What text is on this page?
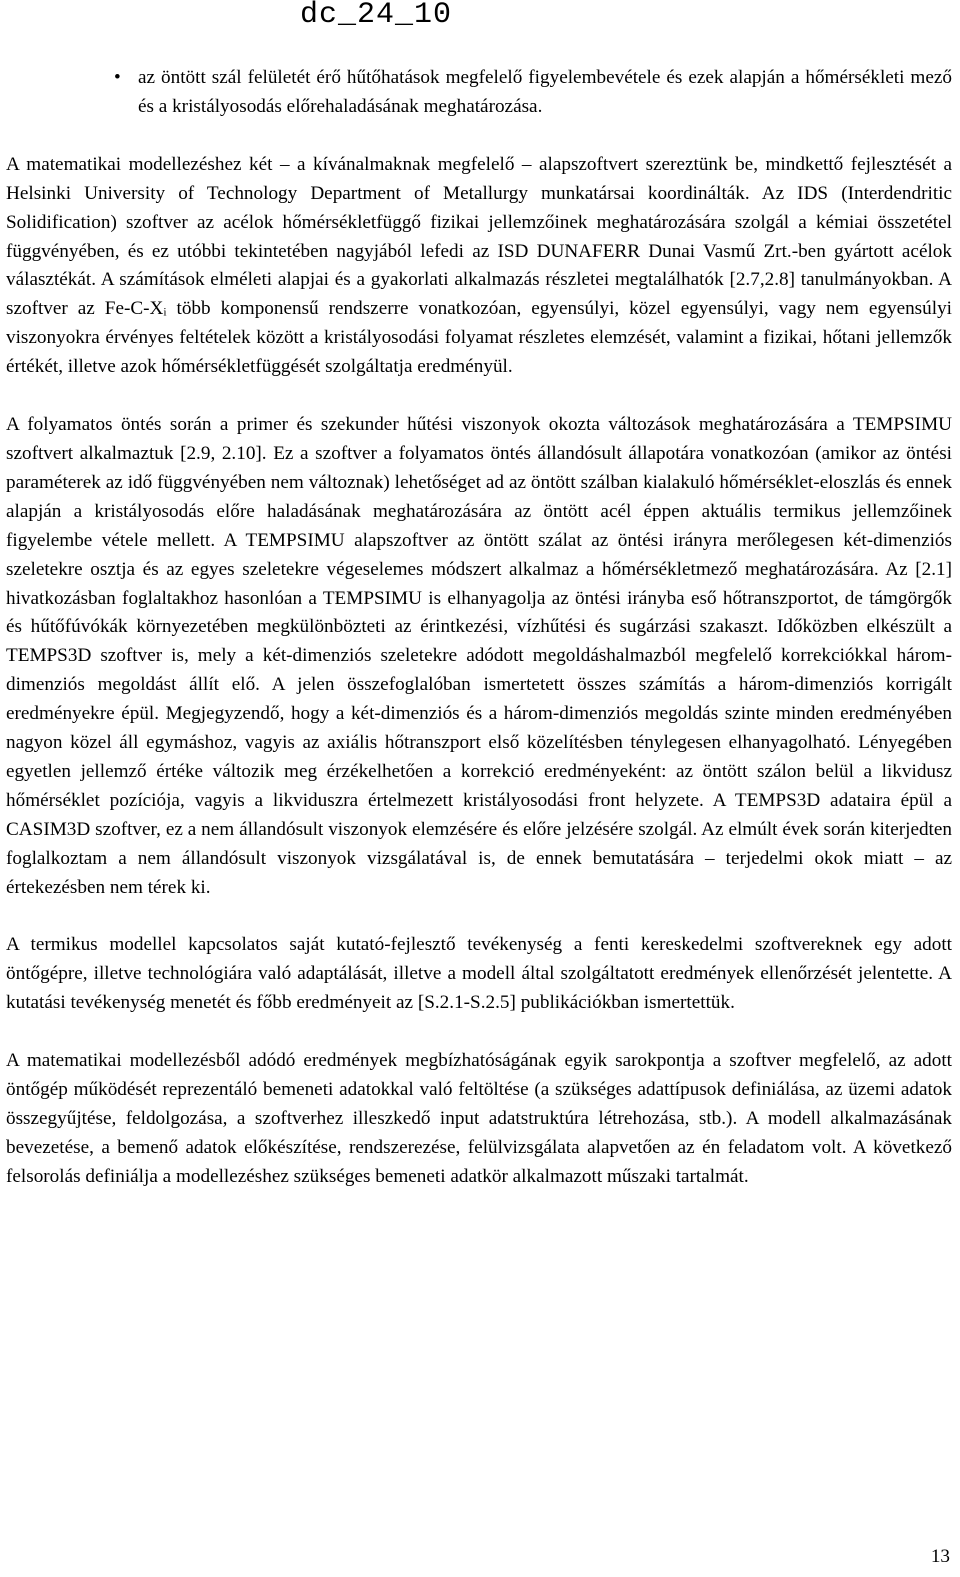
dc_24_10
• az öntött szál felületét érő hűtőhatások megfelelő figyelembevétele és ezek alapján a hőmérsékleti mező és a kristályosodás előrehaladásának meghatározása.

A matematikai modellezéshez két – a kívánalmaknak megfelelő – alapszoftvert szereztünk be, mindkettő fejlesztését a Helsinki University of Technology Department of Metallurgy munkatársai koordinálták. Az IDS (Interdendritic Solidification) szoftver az acélok hőmérsékletfüggő fizikai jellemzőinek meghatározására szolgál a kémiai összetétel függvényében, és ez utóbbi tekintetében nagyjából lefedi az ISD DUNAFERR Dunai Vasmű Zrt.-ben gyártott acélok választékát. A számítások elméleti alapjai és a gyakorlati alkalmazás részletei megtalálhatók [2.7,2.8] tanulmányokban. A szoftver az Fe-C-Xᵢ több komponensű rendszerre vonatkozóan, egyensúlyi, közel egyensúlyi, vagy nem egyensúlyi viszonyokra érvényes feltételek között a kristályosodási folyamat részletes elemzését, valamint a fizikai, hőtani jellemzők értékét, illetve azok hőmérsékletfüggését szolgáltatja eredményül.

A folyamatos öntés során a primer és szekunder hűtési viszonyok okozta változások meghatározására a TEMPSIMU szoftvert alkalmaztuk [2.9, 2.10]. Ez a szoftver a folyamatos öntés állandósult állapotára vonatkozóan (amikor az öntési paraméterek az idő függvényében nem változnak) lehetőséget ad az öntött szálban kialakuló hőmérséklet-eloszlás és ennek alapján a kristályosodás előre haladásának meghatározására az öntött acél éppen aktuális termikus jellemzőinek figyelembe vétele mellett. A TEMPSIMU alapszoftver az öntött szálat az öntési irányra merőlegesen két-dimenziós szeletekre osztja és az egyes szeletekre végeselemes módszert alkalmaz a hőmérsékletmező meghatározására. Az [2.1] hivatkozásban foglaltakhoz hasonlóan a TEMPSIMU is elhanyagolja az öntési irányba eső hőtranszportot, de támgörgők és hűtőfúvókák környezetében megkülönbözteti az érintkezési, vízhűtési és sugárzási szakaszt. Időközben elkészült a TEMPS3D szoftver is, mely a két-dimenziós szeletekre adódott megoldáshalmazból megfelelő korrekciókkal három-dimenziós megoldást állít elő. A jelen összefoglalóban ismertetett összes számítás a három-dimenziós korrigált eredményekre épül. Megjegyzendő, hogy a két-dimenziós és a három-dimenziós megoldás szinte minden eredményében nagyon közel áll egymáshoz, vagyis az axiális hőtranszport első közelítésben ténylegesen elhanyagolható. Lényegében egyetlen jellemző értéke változik meg érzékelhetően a korrekció eredményeként: az öntött szálon belül a likvidusz hőmérséklet pozíciója, vagyis a likviduszra értelmezett kristályosodási front helyzete. A TEMPS3D adataira épül a CASIM3D szoftver, ez a nem állandósult viszonyok elemzésére és előre jelzésére szolgál. Az elmúlt évek során kiterjedten foglalkoztam a nem állandósult viszonyok vizsgálatával is, de ennek bemutatására – terjedelmi okok miatt – az értekezésben nem térek ki.

A termikus modellel kapcsolatos saját kutató-fejlesztő tevékenység a fenti kereskedelmi szoftvereknek egy adott öntőgépre, illetve technológiára való adaptálását, illetve a modell által szolgáltatott eredmények ellenőrzését jelentette. A kutatási tevékenység menetét és főbb eredményeit az [S.2.1-S.2.5] publikációkban ismertettük.

A matematikai modellezésből adódó eredmények megbízhatóságának egyik sarokpontja a szoftver megfelelő, az adott öntőgép működését reprezentáló bemeneti adatokkal való feltöltése (a szükséges adattípusok definiálása, az üzemi adatok összegyűjtése, feldolgozása, a szoftverhez illeszkedő input adatstruktúra létrehozása, stb.). A modell alkalmazásának bevezetése, a bemenő adatok előkészítése, rendszerezése, felülvizsgálata alapvetően az én feladatom volt. A következő felsorolás definiálja a modellezéshez szükséges bemeneti adatkör alkalmazott műszaki tartalmát.

13
